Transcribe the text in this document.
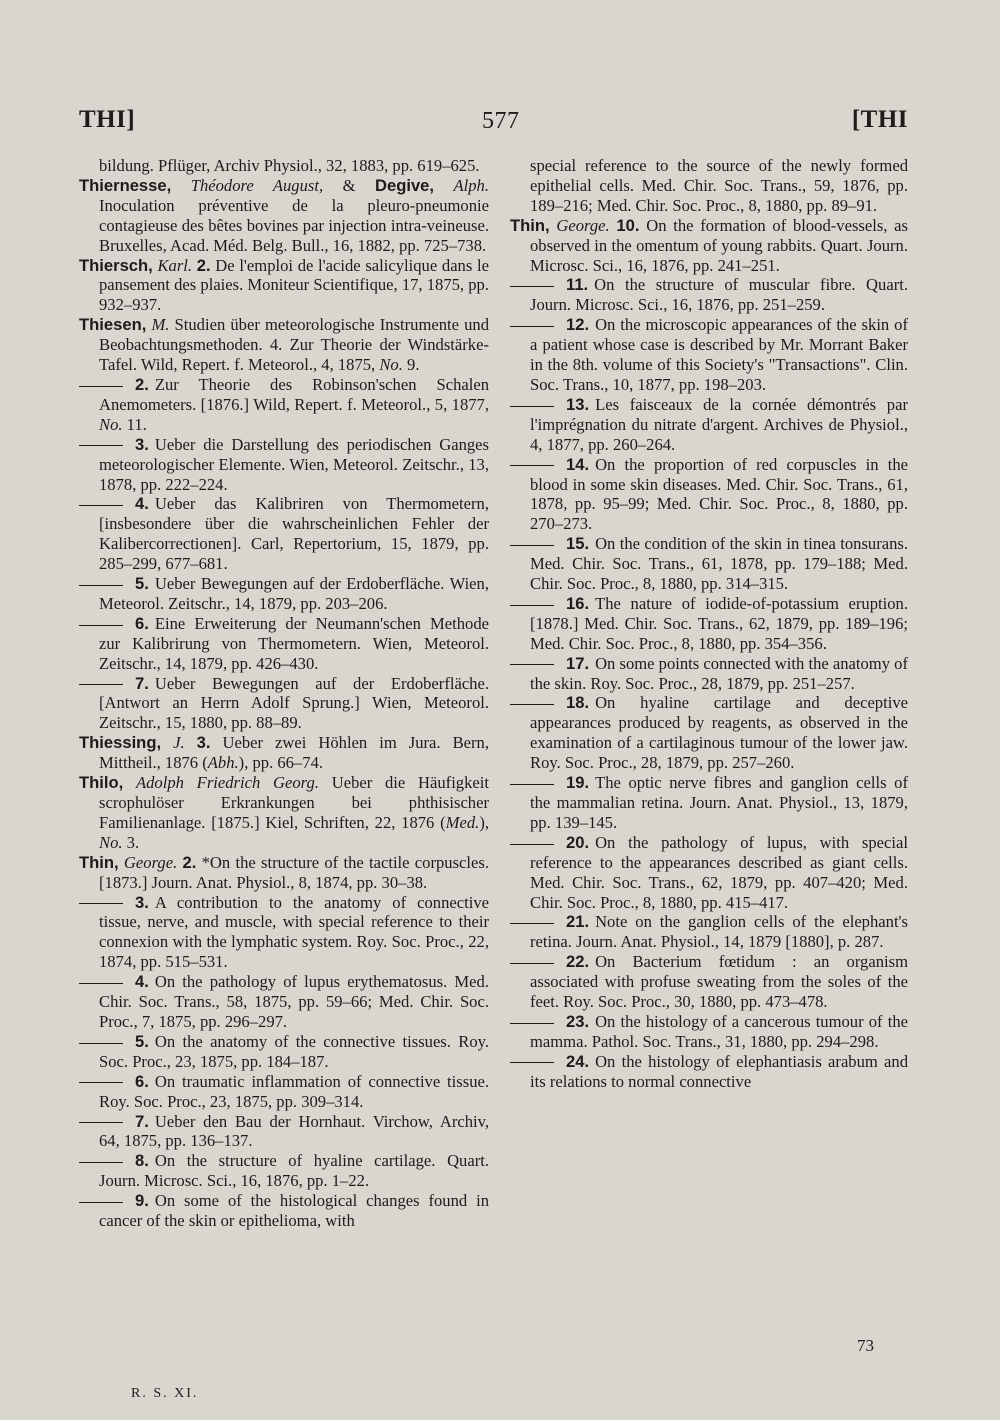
THI]	577	[THI

bildung. Pflüger, Archiv Physiol., 32, 1883, pp. 619–625.

Thiernesse, Théodore August, & Degive, Alph. Inoculation préventive de la pleuro-pneumonie contagieuse des bêtes bovines par injection intra-veineuse. Bruxelles, Acad. Méd. Belg. Bull., 16, 1882, pp. 725–738.

Thiersch, Karl. 2. De l'emploi de l'acide salicylique dans le pansement des plaies. Moniteur Scientifique, 17, 1875, pp. 932–937.

Thiesen, M. Studien über meteorologische Instrumente und Beobachtungsmethoden. 4. Zur Theorie der Windstärke-Tafel. Wild, Repert. f. Meteorol., 4, 1875, No. 9.

2. Zur Theorie des Robinson'schen Schalen Anemometers. [1876.] Wild, Repert. f. Meteorol., 5, 1877, No. 11.

3. Ueber die Darstellung des periodischen Ganges meteorologischer Elemente. Wien, Meteorol. Zeitschr., 13, 1878, pp. 222–224.

4. Ueber das Kalibriren von Thermometern, [insbesondere über die wahrscheinlichen Fehler der Kalibercorrectionen]. Carl, Repertorium, 15, 1879, pp. 285–299, 677–681.

5. Ueber Bewegungen auf der Erdoberfläche. Wien, Meteorol. Zeitschr., 14, 1879, pp. 203–206.

6. Eine Erweiterung der Neumann'schen Methode zur Kalibrirung von Thermometern. Wien, Meteorol. Zeitschr., 14, 1879, pp. 426–430.

7. Ueber Bewegungen auf der Erdoberfläche. [Antwort an Herrn Adolf Sprung.] Wien, Meteorol. Zeitschr., 15, 1880, pp. 88–89.

Thiessing, J. 3. Ueber zwei Höhlen im Jura. Bern, Mittheil., 1876 (Abh.), pp. 66–74.

Thilo, Adolph Friedrich Georg. Ueber die Häufigkeit scrophulöser Erkrankungen bei phthisischer Familienanlage. [1875.] Kiel, Schriften, 22, 1876 (Med.), No. 3.

Thin, George. 2. *On the structure of the tactile corpuscles. [1873.] Journ. Anat. Physiol., 8, 1874, pp. 30–38.

3. A contribution to the anatomy of connective tissue, nerve, and muscle, with special reference to their connexion with the lymphatic system. Roy. Soc. Proc., 22, 1874, pp. 515–531.

4. On the pathology of lupus erythematosus. Med. Chir. Soc. Trans., 58, 1875, pp. 59–66; Med. Chir. Soc. Proc., 7, 1875, pp. 296–297.

5. On the anatomy of the connective tissues. Roy. Soc. Proc., 23, 1875, pp. 184–187.

6. On traumatic inflammation of connective tissue. Roy. Soc. Proc., 23, 1875, pp. 309–314.

7. Ueber den Bau der Hornhaut. Virchow, Archiv, 64, 1875, pp. 136–137.

8. On the structure of hyaline cartilage. Quart. Journ. Microsc. Sci., 16, 1876, pp. 1–22.

9. On some of the histological changes found in cancer of the skin or epithelioma, with

special reference to the source of the newly formed epithelial cells. Med. Chir. Soc. Trans., 59, 1876, pp. 189–216; Med. Chir. Soc. Proc., 8, 1880, pp. 89–91.

Thin, George. 10. On the formation of blood-vessels, as observed in the omentum of young rabbits. Quart. Journ. Microsc. Sci., 16, 1876, pp. 241–251.

11. On the structure of muscular fibre. Quart. Journ. Microsc. Sci., 16, 1876, pp. 251–259.

12. On the microscopic appearances of the skin of a patient whose case is described by Mr. Morrant Baker in the 8th. volume of this Society's "Transactions". Clin. Soc. Trans., 10, 1877, pp. 198–203.

13. Les faisceaux de la cornée démontrés par l'imprégnation du nitrate d'argent. Archives de Physiol., 4, 1877, pp. 260–264.

14. On the proportion of red corpuscles in the blood in some skin diseases. Med. Chir. Soc. Trans., 61, 1878, pp. 95–99; Med. Chir. Soc. Proc., 8, 1880, pp. 270–273.

15. On the condition of the skin in tinea tonsurans. Med. Chir. Soc. Trans., 61, 1878, pp. 179–188; Med. Chir. Soc. Proc., 8, 1880, pp. 314–315.

16. The nature of iodide-of-potassium eruption. [1878.] Med. Chir. Soc. Trans., 62, 1879, pp. 189–196; Med. Chir. Soc. Proc., 8, 1880, pp. 354–356.

17. On some points connected with the anatomy of the skin. Roy. Soc. Proc., 28, 1879, pp. 251–257.

18. On hyaline cartilage and deceptive appearances produced by reagents, as observed in the examination of a cartilaginous tumour of the lower jaw. Roy. Soc. Proc., 28, 1879, pp. 257–260.

19. The optic nerve fibres and ganglion cells of the mammalian retina. Journ. Anat. Physiol., 13, 1879, pp. 139–145.

20. On the pathology of lupus, with special reference to the appearances described as giant cells. Med. Chir. Soc. Trans., 62, 1879, pp. 407–420; Med. Chir. Soc. Proc., 8, 1880, pp. 415–417.

21. Note on the ganglion cells of the elephant's retina. Journ. Anat. Physiol., 14, 1879 [1880], p. 287.

22. On Bacterium fœtidum : an organism associated with profuse sweating from the soles of the feet. Roy. Soc. Proc., 30, 1880, pp. 473–478.

23. On the histology of a cancerous tumour of the mamma. Pathol. Soc. Trans., 31, 1880, pp. 294–298.

24. On the histology of elephantiasis arabum and its relations to normal connective

73
R. S. XI.
